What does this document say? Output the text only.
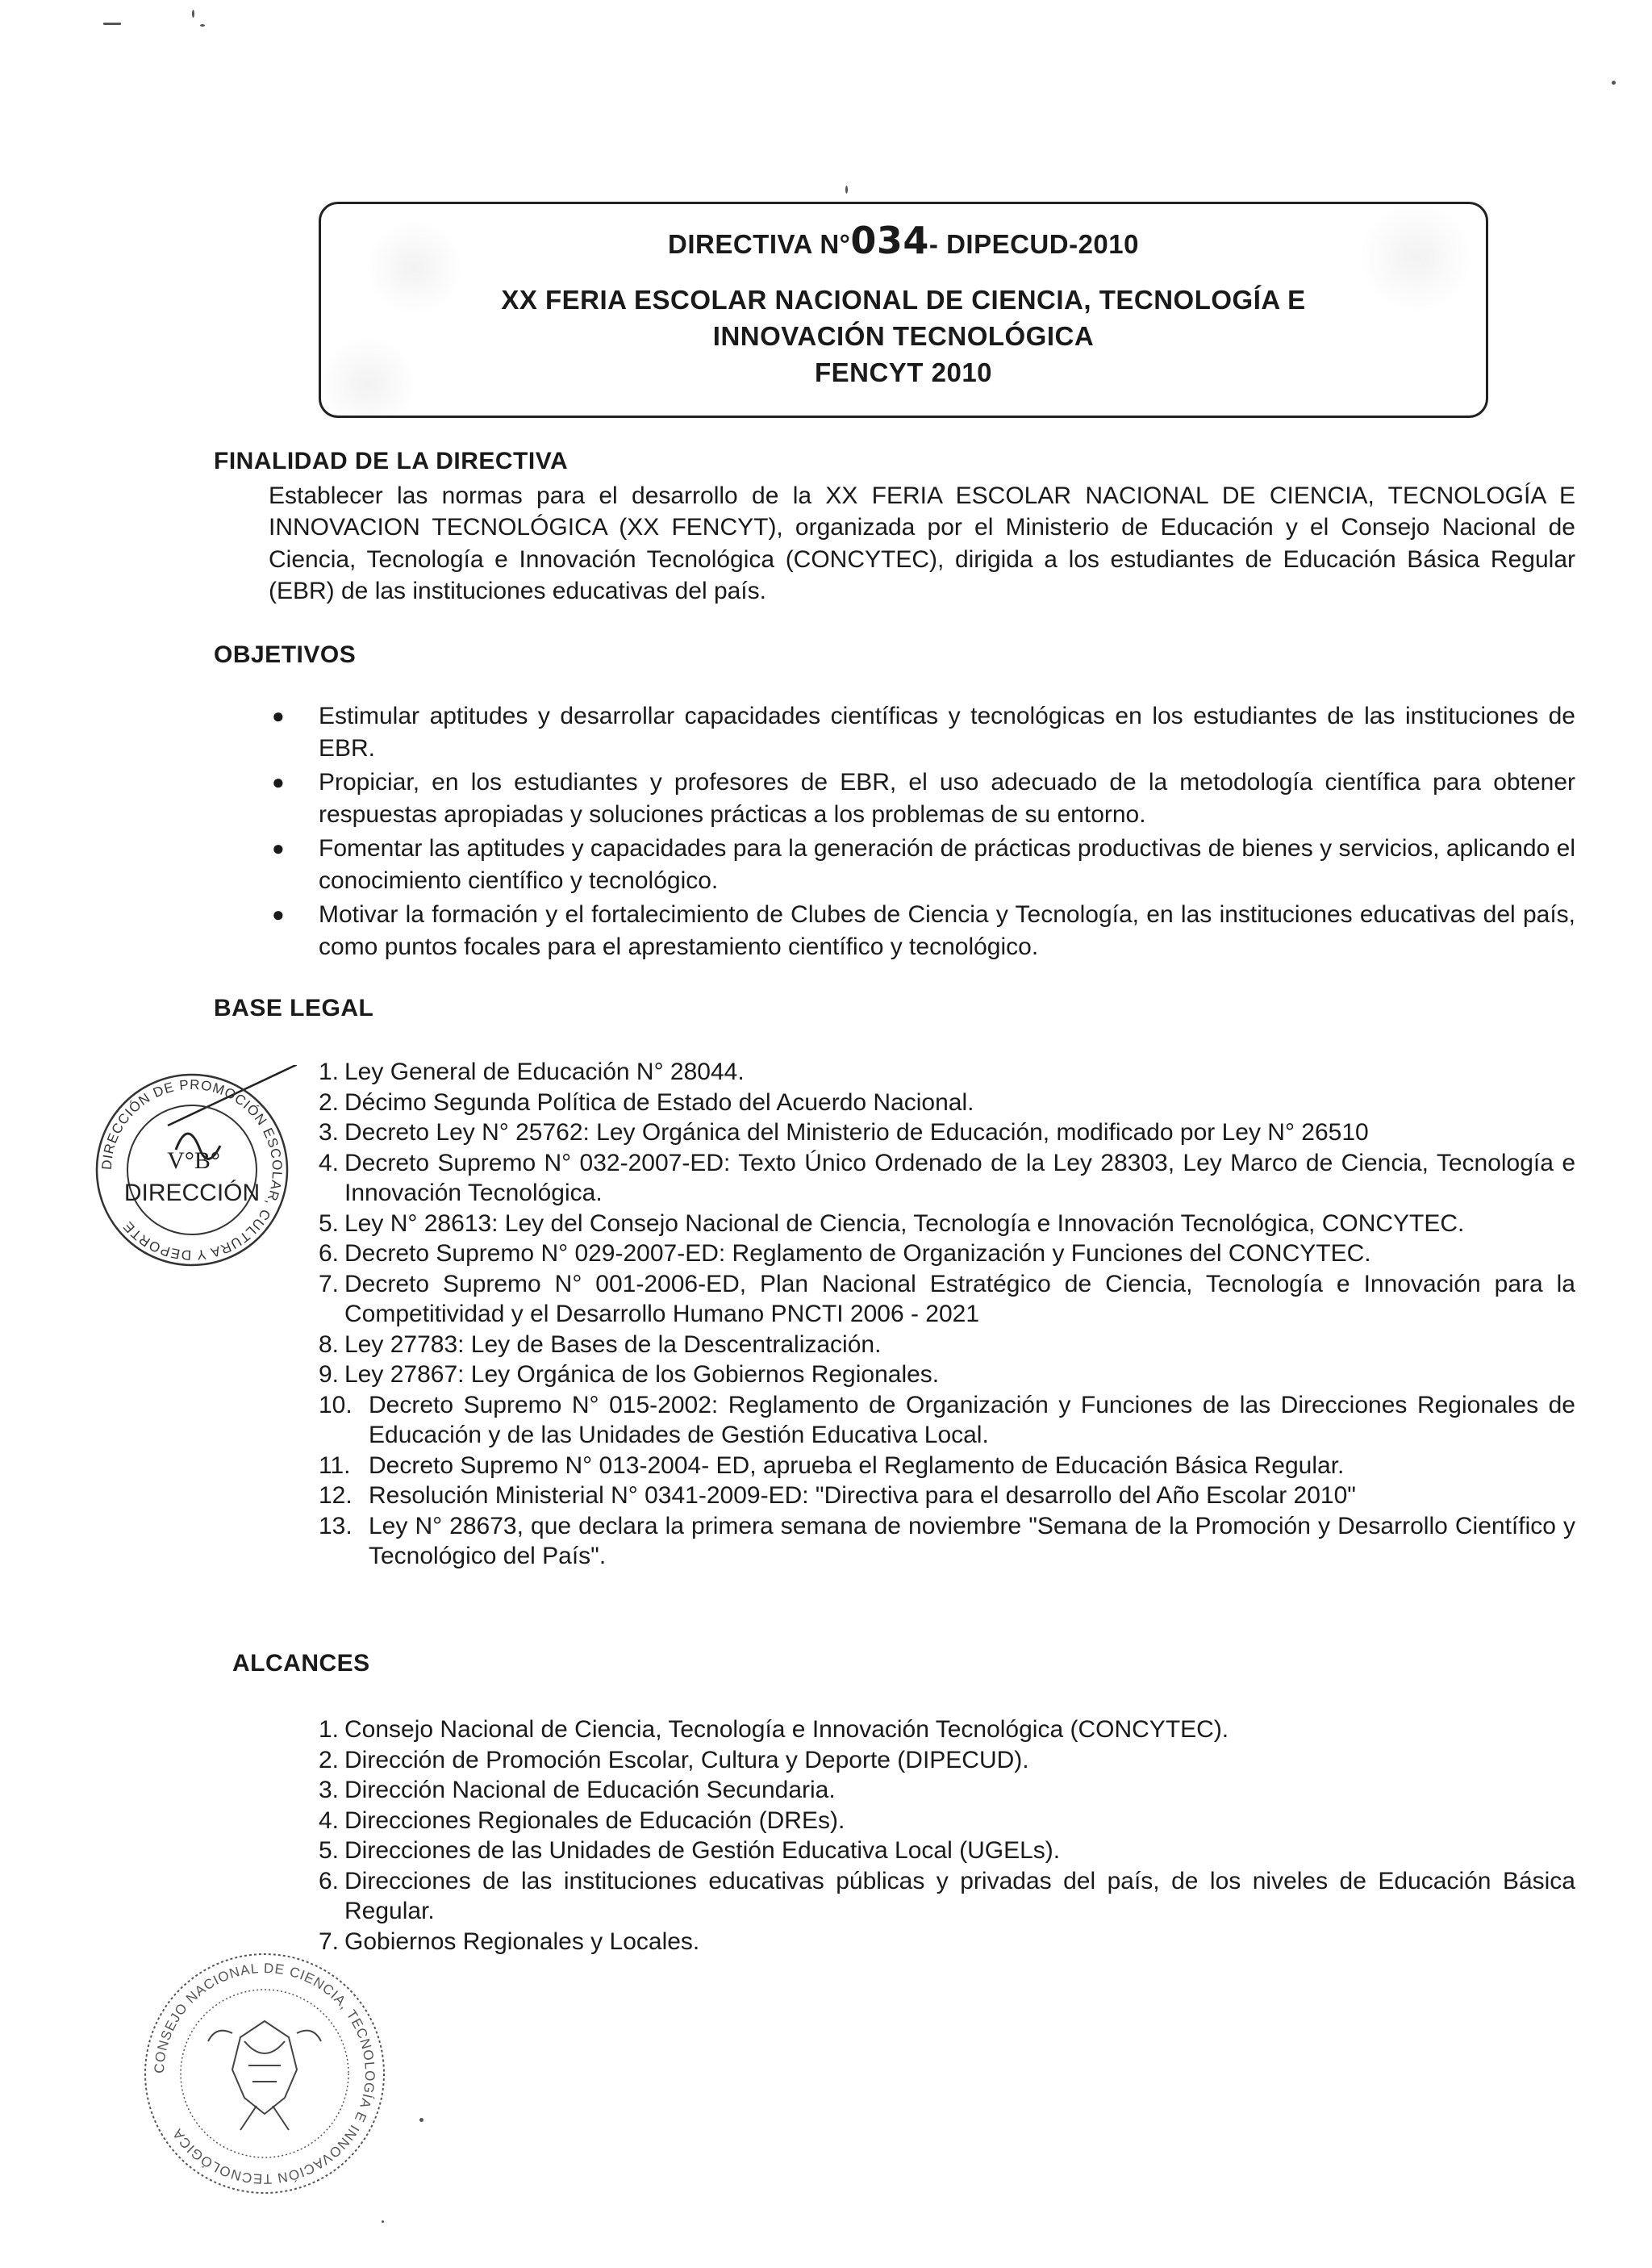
DIRECTIVA N°034- DIPECUD-2010
XX FERIA ESCOLAR NACIONAL DE CIENCIA, TECNOLOGÍA E
INNOVACIÓN TECNOLÓGICA
FENCYT 2010
FINALIDAD DE LA DIRECTIVA

Establecer las normas para el desarrollo de la XX FERIA ESCOLAR NACIONAL DE CIENCIA, TECNOLOGÍA E INNOVACION TECNOLÓGICA (XX FENCYT), organizada por el Ministerio de Educación y el Consejo Nacional de Ciencia, Tecnología e Innovación Tecnológica (CONCYTEC), dirigida a los estudiantes de Educación Básica Regular (EBR) de las instituciones educativas del país.

OBJETIVOS
● Estimular aptitudes y desarrollar capacidades científicas y tecnológicas en los estudiantes de las instituciones de EBR.
● Propiciar, en los estudiantes y profesores de EBR, el uso adecuado de la metodología científica para obtener respuestas apropiadas y soluciones prácticas a los problemas de su entorno.
● Fomentar las aptitudes y capacidades para la generación de prácticas productivas de bienes y servicios, aplicando el conocimiento científico y tecnológico.
● Motivar la formación y el fortalecimiento de Clubes de Ciencia y Tecnología, en las instituciones educativas del país, como puntos focales para el aprestamiento científico y tecnológico.
BASE LEGAL
DIRECCIÓN DE PROMOCIÓN ESCOLAR, CULTURA Y DEPORTE
V°B°
DIRECCIÓN
1. Ley General de Educación N° 28044.
2. Décimo Segunda Política de Estado del Acuerdo Nacional.
3. Decreto Ley N° 25762: Ley Orgánica del Ministerio de Educación, modificado por Ley N° 26510
4. Decreto Supremo N° 032-2007-ED: Texto Único Ordenado de la Ley 28303, Ley Marco de Ciencia, Tecnología e Innovación Tecnológica.
5. Ley N° 28613: Ley del Consejo Nacional de Ciencia, Tecnología e Innovación Tecnológica, CONCYTEC.
6. Decreto Supremo N° 029-2007-ED: Reglamento de Organización y Funciones del CONCYTEC.
7. Decreto Supremo N° 001-2006-ED, Plan Nacional Estratégico de Ciencia, Tecnología e Innovación para la Competitividad y el Desarrollo Humano PNCTI 2006 - 2021
8. Ley 27783: Ley de Bases de la Descentralización.
9. Ley 27867: Ley Orgánica de los Gobiernos Regionales.
10. Decreto Supremo N° 015-2002: Reglamento de Organización y Funciones de las Direcciones Regionales de Educación y de las Unidades de Gestión Educativa Local.
11. Decreto Supremo N° 013-2004- ED, aprueba el Reglamento de Educación Básica Regular.
12. Resolución Ministerial N° 0341-2009-ED: "Directiva para el desarrollo del Año Escolar 2010"
13. Ley N° 28673, que declara la primera semana de noviembre "Semana de la Promoción y Desarrollo Científico y Tecnológico del País".
ALCANCES
1. Consejo Nacional de Ciencia, Tecnología e Innovación Tecnológica (CONCYTEC).
2. Dirección de Promoción Escolar, Cultura y Deporte (DIPECUD).
3. Dirección Nacional de Educación Secundaria.
4. Direcciones Regionales de Educación (DREs).
5. Direcciones de las Unidades de Gestión Educativa Local (UGELs).
6. Direcciones de las instituciones educativas públicas y privadas del país, de los niveles de Educación Básica Regular.
7. Gobiernos Regionales y Locales.
CONSEJO NACIONAL DE CIENCIA, TECNOLOGÍA E INNOVACIÓN TECNOLÓGICA
